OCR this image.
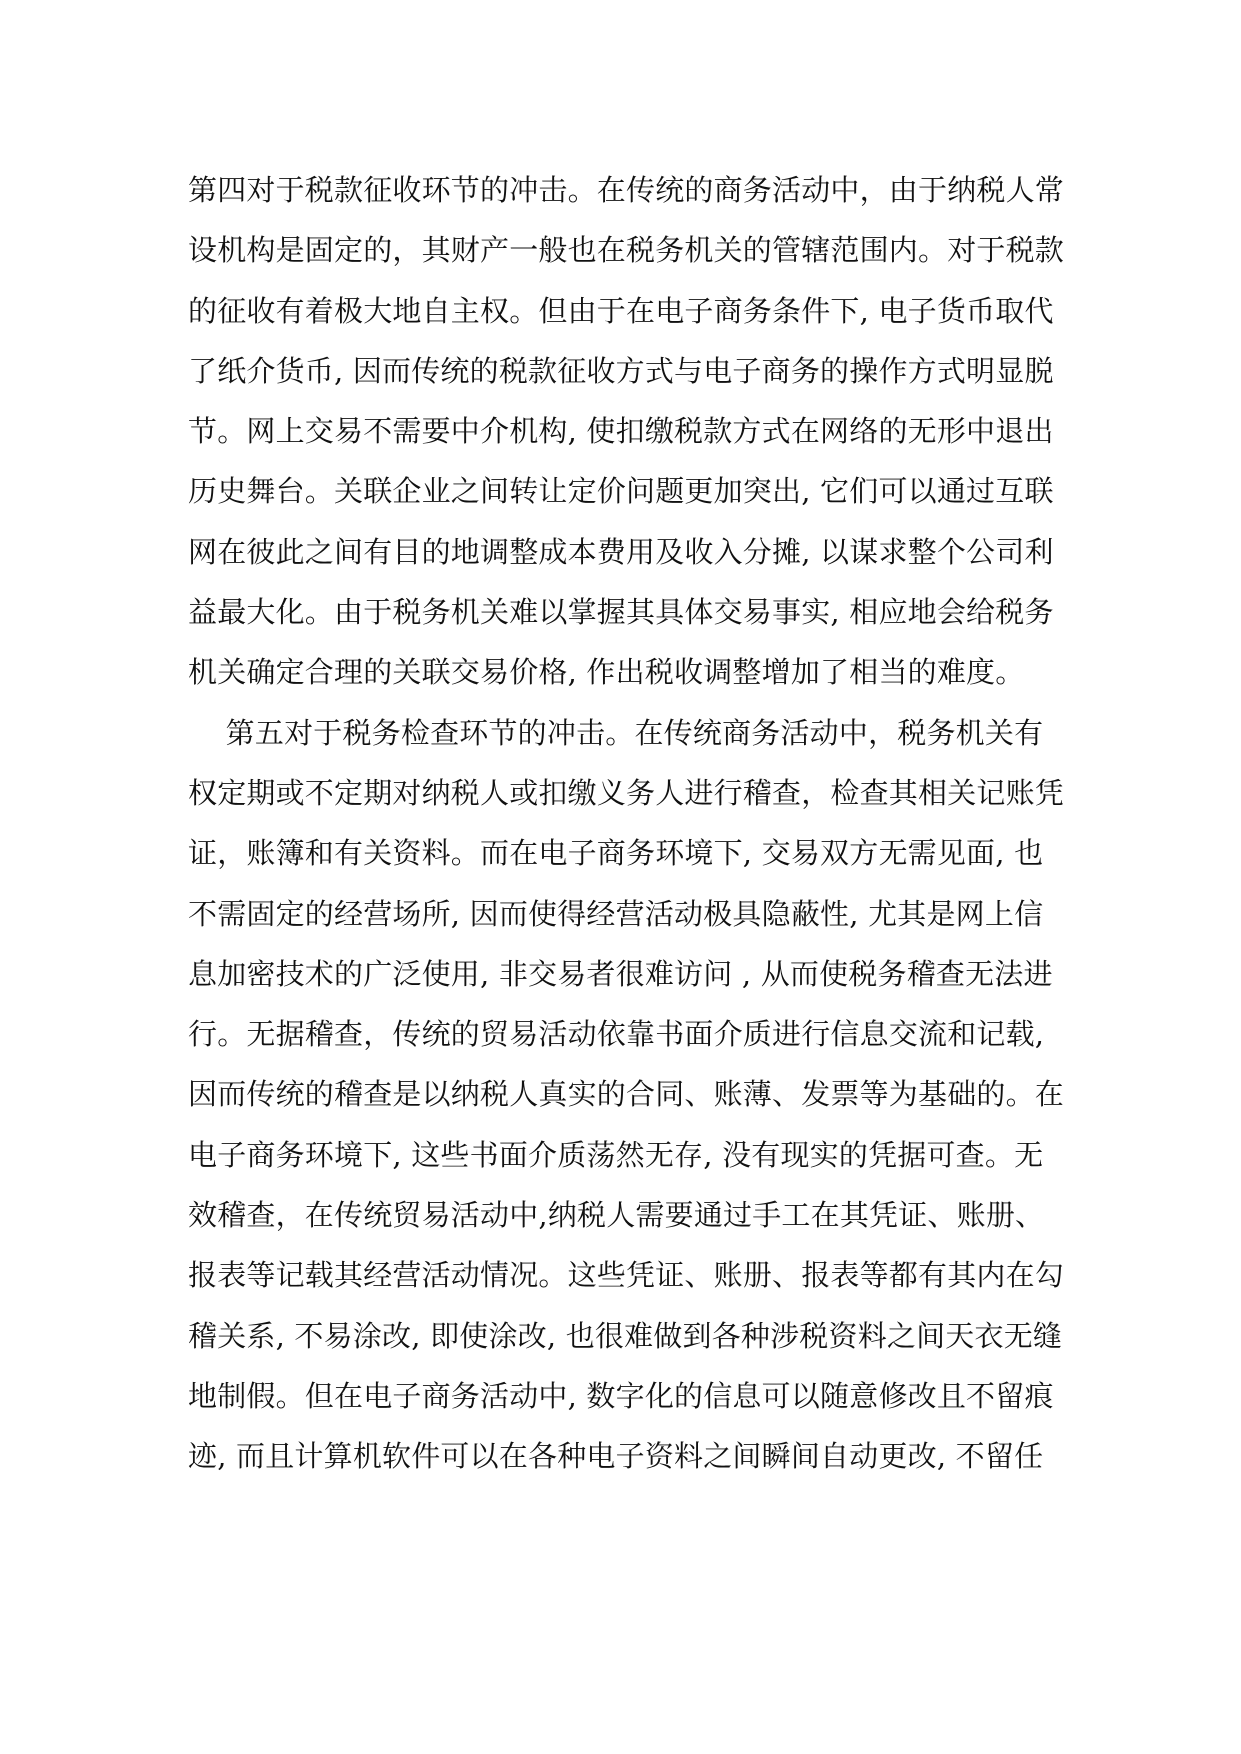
第四对于税款征收环节的冲击。在传统的商务活动中，由于纳税人常
设机构是固定的，其财产一般也在税务机关的管辖范围内。对于税款
的征收有着极大地自主权。但由于在电子商务条件下, 电子货币取代
了纸介货币, 因而传统的税款征收方式与电子商务的操作方式明显脱
节。网上交易不需要中介机构, 使扣缴税款方式在网络的无形中退出
历史舞台。关联企业之间转让定价问题更加突出, 它们可以通过互联
网在彼此之间有目的地调整成本费用及收入分摊, 以谋求整个公司利
益最大化。由于税务机关难以掌握其具体交易事实, 相应地会给税务
机关确定合理的关联交易价格, 作出税收调整增加了相当的难度。
第五对于税务检查环节的冲击。在传统商务活动中，税务机关有
权定期或不定期对纳税人或扣缴义务人进行稽查，检查其相关记账凭
证，账簿和有关资料。而在电子商务环境下, 交易双方无需见面, 也
不需固定的经营场所, 因而使得经营活动极具隐蔽性, 尤其是网上信
息加密技术的广泛使用, 非交易者很难访问 , 从而使税务稽查无法进
行。无据稽查，传统的贸易活动依靠书面介质进行信息交流和记载,
因而传统的稽查是以纳税人真实的合同、账薄、发票等为基础的。在
电子商务环境下, 这些书面介质荡然无存, 没有现实的凭据可查。无
效稽查，在传统贸易活动中,纳税人需要通过手工在其凭证、账册、
报表等记载其经营活动情况。这些凭证、账册、报表等都有其内在勾
稽关系, 不易涂改, 即使涂改, 也很难做到各种涉税资料之间天衣无缝
地制假。但在电子商务活动中, 数字化的信息可以随意修改且不留痕
迹, 而且计算机软件可以在各种电子资料之间瞬间自动更改, 不留任
